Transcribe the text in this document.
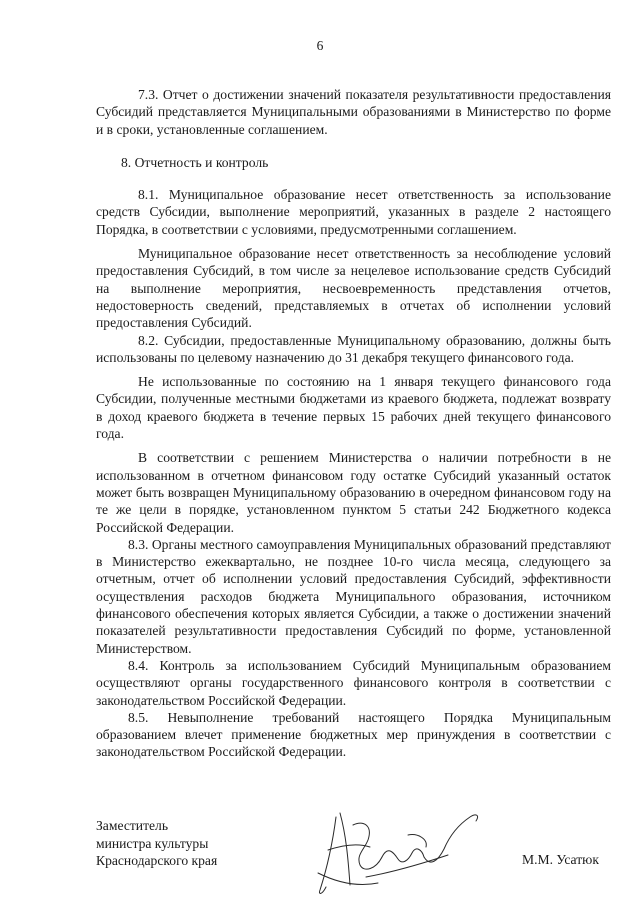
6

7.3. Отчет о достижении значений показателя результативности предоставления Субсидий представляется Муниципальными образованиями в Министерство по форме и в сроки, установленные соглашением.

8. Отчетность и контроль

8.1. Муниципальное образование несет ответственность за использование средств Субсидии, выполнение мероприятий, указанных в разделе 2 настоящего Порядка, в соответствии с условиями, предусмотренными соглашением.

Муниципальное образование несет ответственность за несоблюдение условий предоставления Субсидий, в том числе за нецелевое использование средств Субсидий на выполнение мероприятия, несвоевременность представления отчетов, недостоверность сведений, представляемых в отчетах об исполнении условий предоставления Субсидий.

8.2. Субсидии, предоставленные Муниципальному образованию, должны быть использованы по целевому назначению до 31 декабря текущего финансового года.

Не использованные по состоянию на 1 января текущего финансового года Субсидии, полученные местными бюджетами из краевого бюджета, подлежат возврату в доход краевого бюджета в течение первых 15 рабочих дней текущего финансового года.

В соответствии с решением Министерства о наличии потребности в не использованном в отчетном финансовом году остатке Субсидий указанный остаток может быть возвращен Муниципальному образованию в очередном финансовом году на те же цели в порядке, установленном пунктом 5 статьи 242 Бюджетного кодекса Российской Федерации.

8.3. Органы местного самоуправления Муниципальных образований представляют в Министерство ежеквартально, не позднее 10-го числа месяца, следующего за отчетным, отчет об исполнении условий предоставления Субсидий, эффективности осуществления расходов бюджета Муниципального образования, источником финансового обеспечения которых является Субсидии, а также о достижении значений показателей результативности предоставления Субсидий по форме, установленной Министерством.

8.4. Контроль за использованием Субсидий Муниципальным образованием осуществляют органы государственного финансового контроля в соответствии с законодательством Российской Федерации.

8.5. Невыполнение требований настоящего Порядка Муниципальным образованием влечет применение бюджетных мер принуждения в соответствии с законодательством Российской Федерации.

Заместитель
министра культуры
Краснодарского края	М.М. Усатюк
